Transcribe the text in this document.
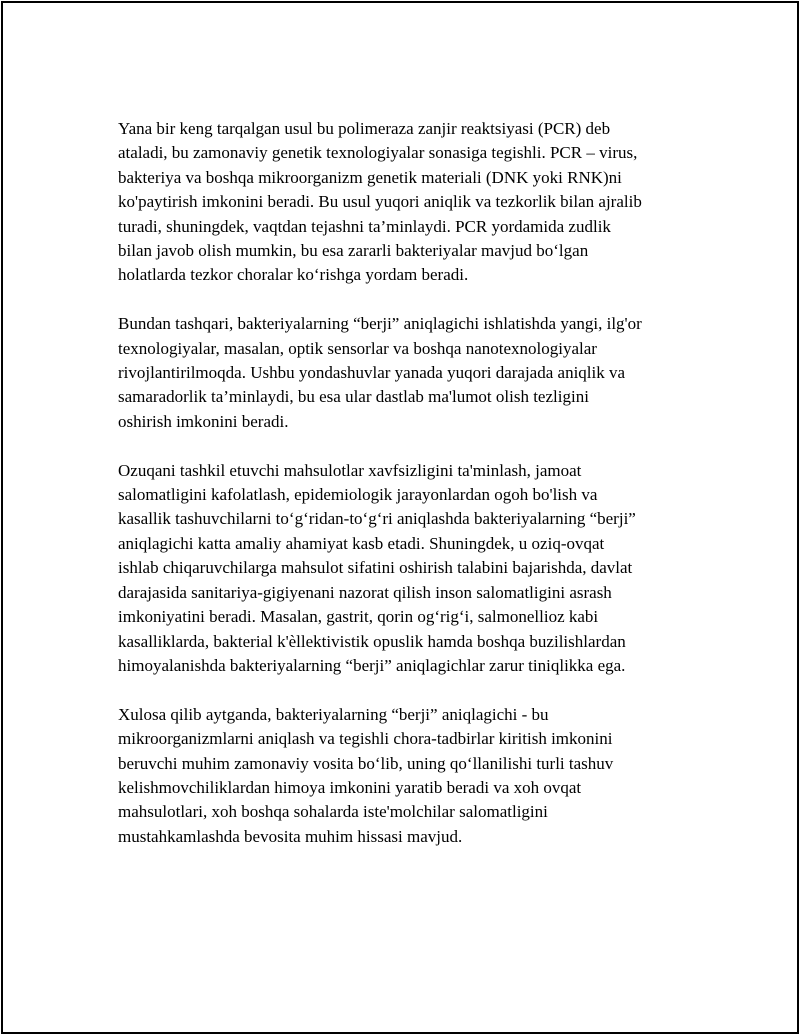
Yana bir keng tarqalgan usul bu polimeraza zanjir reaktsiyasi (PCR) deb
ataladi, bu zamonaviy genetik texnologiyalar sonasiga tegishli. PCR – virus,
bakteriya va boshqa mikroorganizm genetik materiali (DNK yoki RNK)ni
ko'paytirish imkonini beradi. Bu usul yuqori aniqlik va tezkorlik bilan ajralib
turadi, shuningdek, vaqtdan tejashni ta’minlaydi. PCR yordamida zudlik
bilan javob olish mumkin, bu esa zararli bakteriyalar mavjud bo‘lgan
holatlarda tezkor choralar ko‘rishga yordam beradi.

Bundan tashqari, bakteriyalarning “berji” aniqlagichi ishlatishda yangi, ilg'or
texnologiyalar, masalan, optik sensorlar va boshqa nanotexnologiyalar
rivojlantirilmoqda. Ushbu yondashuvlar yanada yuqori darajada aniqlik va
samaradorlik ta’minlaydi, bu esa ular dastlab ma'lumot olish tezligini
oshirish imkonini beradi.

Ozuqani tashkil etuvchi mahsulotlar xavfsizligini ta'minlash, jamoat
salomatligini kafolatlash, epidemiologik jarayonlardan ogoh bo'lish va
kasallik tashuvchilarni to‘g‘ridan-to‘g‘ri aniqlashda bakteriyalarning “berji”
aniqlagichi katta amaliy ahamiyat kasb etadi. Shuningdek, u oziq-ovqat
ishlab chiqaruvchilarga mahsulot sifatini oshirish talabini bajarishda, davlat
darajasida sanitariya-gigiyenani nazorat qilish inson salomatligini asrash
imkoniyatini beradi. Masalan, gastrit, qorin og‘rig‘i, salmonellioz kabi
kasalliklarda, bakterial k'èllektivistik opuslik hamda boshqa buzilishlardan
himoyalanishda bakteriyalarning “berji” aniqlagichlar zarur tiniqlikka ega.

Xulosa qilib aytganda, bakteriyalarning “berji” aniqlagichi - bu
mikroorganizmlarni aniqlash va tegishli chora-tadbirlar kiritish imkonini
beruvchi muhim zamonaviy vosita bo‘lib, uning qo‘llanilishi turli tashuv
kelishmovchiliklardan himoya imkonini yaratib beradi va xoh ovqat
mahsulotlari, xoh boshqa sohalarda iste'molchilar salomatligini
mustahkamlashda bevosita muhim hissasi mavjud.
